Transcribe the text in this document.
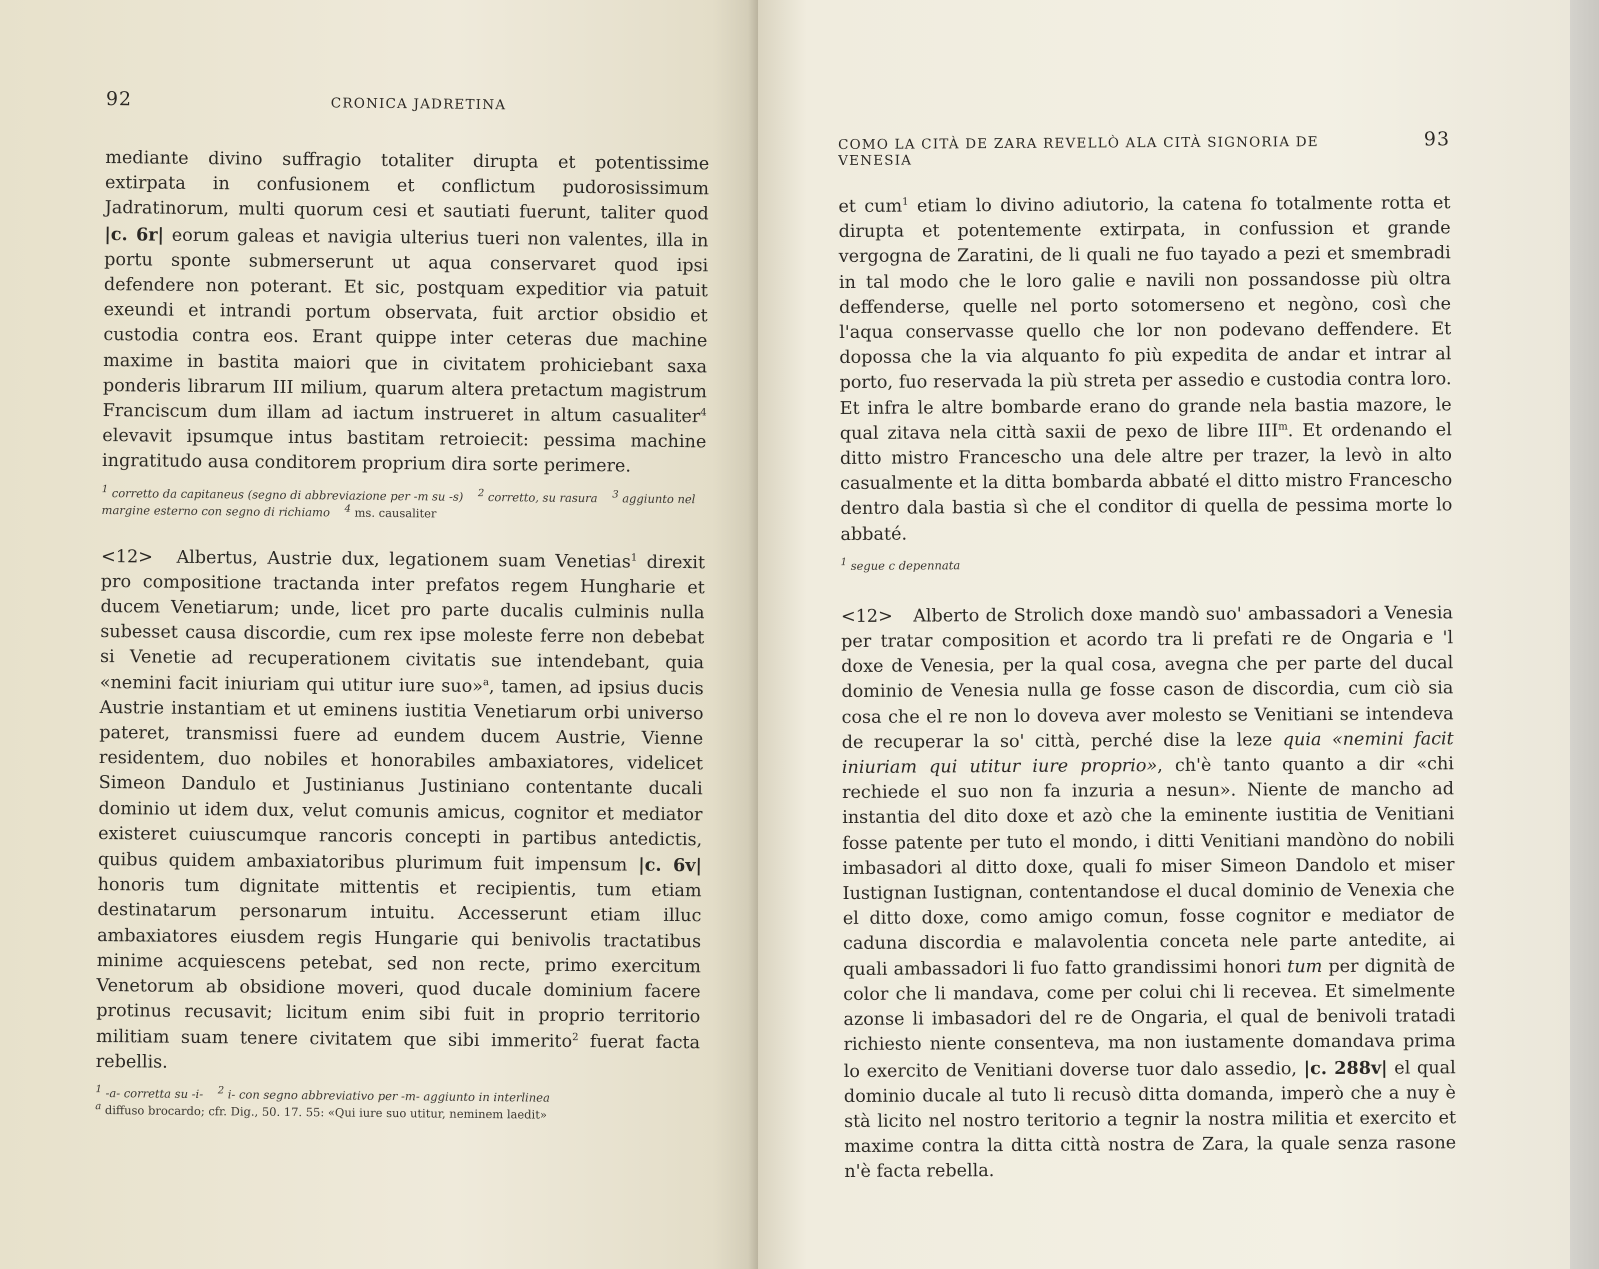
92	CRONICA JADRETINA

mediante divino suffragio totaliter dirupta et potentissime extirpata in confusionem et conflictum pudorosissimum Jadratinorum, multi quorum cesi et sautiati fuerunt, taliter quod |c. 6r| eorum galeas et navigia ulterius tueri non valentes, illa in portu sponte submerserunt ut aqua conservaret quod ipsi defendere non poterant. Et sic, postquam expeditior via patuit exeundi et intrandi portum observata, fuit arctior obsidio et custodia contra eos. Erant quippe inter ceteras due machine maxime in bastita maiori que in civitatem prohiciebant saxa ponderis librarum III milium, quarum altera pretactum magistrum Franciscum dum illam ad iactum instrueret in altum casualiter$^4$ elevavit ipsumque intus bastitam retroiecit: pessima machine ingratitudo ausa conditorem proprium dira sorte perimere.

$^1$ corretto da capitaneus (segno di abbreviazione per -m su -s) $^2$ corretto, su rasura $^3$ aggiunto nel margine esterno con segno di richiamo $^4$ ms. causaliter

<12> Albertus, Austrie dux, legationem suam Venetias$^1$ direxit pro compositione tractanda inter prefatos regem Hungharie et ducem Venetiarum; unde, licet pro parte ducalis culminis nulla subesset causa discordie, cum rex ipse moleste ferre non debebat si Venetie ad recuperationem civitatis sue intendebant, quia «nemini facit iniuriam qui utitur iure suo»$^a$, tamen, ad ipsius ducis Austrie instantiam et ut eminens iustitia Venetiarum orbi universo pateret, transmissi fuere ad eundem ducem Austrie, Vienne residentem, duo nobiles et honorabiles ambaxiatores, videlicet Simeon Dandulo et Justinianus Justiniano contentante ducali dominio ut idem dux, velut comunis amicus, cognitor et mediator existeret cuiuscumque rancoris concepti in partibus antedictis, quibus quidem ambaxiatoribus plurimum fuit impensum |c. 6v| honoris tum dignitate mittentis et recipientis, tum etiam destinatarum personarum intuitu. Accesserunt etiam illuc ambaxiatores eiusdem regis Hungarie qui benivolis tractatibus minime acquiescens petebat, sed non recte, primo exercitum Venetorum ab obsidione moveri, quod ducale dominium facere protinus recusavit; licitum enim sibi fuit in proprio territorio militiam suam tenere civitatem que sibi immerito$^2$ fuerat facta rebellis.

$^1$ -a- corretta su -i- $^2$ i- con segno abbreviativo per -m- aggiunto in interlinea
$^a$ diffuso brocardo; cfr. Dig., 50. 17. 55: «Qui iure suo utitur, neminem laedit»
COMO LA CITÀ DE ZARA REVELLÒ ALA CITÀ SIGNORIA DE VENESIA
93

et cum$^1$ etiam lo divino adiutorio, la catena fo totalmente rotta et dirupta et potentemente extirpata, in confussion et grande vergogna de Zaratini, de li quali ne fuo tayado a pezi et smembradi in tal modo che le loro galie e navili non possandosse più oltra deffenderse, quelle nel porto sotomerseno et negòno, così che l'aqua conservasse quello che lor non podevano deffendere. Et dopossa che la via alquanto fo più expedita de andar et intrar al porto, fuo reservada la più streta per assedio e custodia contra loro. Et infra le altre bombarde erano do grande nela bastia mazore, le qual zitava nela città saxii de pexo de libre III$^m$. Et ordenando el ditto mistro Francescho una dele altre per trazer, la levò in alto casualmente et la ditta bombarda abbaté el ditto mistro Francescho dentro dala bastia sì che el conditor di quella de pessima morte lo abbaté.

$^1$ segue c depennata

<12> Alberto de Strolich doxe mandò suo' ambassadori a Venesia per tratar composition et acordo tra li prefati re de Ongaria e 'l doxe de Venesia, per la qual cosa, avegna che per parte del ducal dominio de Venesia nulla ge fosse cason de discordia, cum ciò sia cosa che el re non lo doveva aver molesto se Venitiani se intendeva de recuperar la so' città, perché dise la leze quia «nemini facit iniuriam qui utitur iure proprio», ch'è tanto quanto a dir «chi rechiede el suo non fa inzuria a nesun». Niente de mancho ad instantia del dito doxe et azò che la eminente iustitia de Venitiani fosse patente per tuto el mondo, i ditti Venitiani mandòno do nobili imbasadori al ditto doxe, quali fo miser Simeon Dandolo et miser Iustignan Iustignan, contentandose el ducal dominio de Venexia che el ditto doxe, como amigo comun, fosse cognitor e mediator de caduna discordia e malavolentia conceta nele parte antedite, ai quali ambassadori li fuo fatto grandissimi honori tum per dignità de color che li mandava, come per colui chi li recevea. Et simelmente azonse li imbasadori del re de Ongaria, el qual de benivoli tratadi richiesto niente consenteva, ma non iustamente domandava prima lo exercito de Venitiani doverse tuor dalo assedio, |c. 288v| el qual dominio ducale al tuto li recusò ditta domanda, imperò che a nuy è stà licito nel nostro teritorio a tegnir la nostra militia et exercito et maxime contra la ditta città nostra de Zara, la quale senza rasone n'è facta rebella.
